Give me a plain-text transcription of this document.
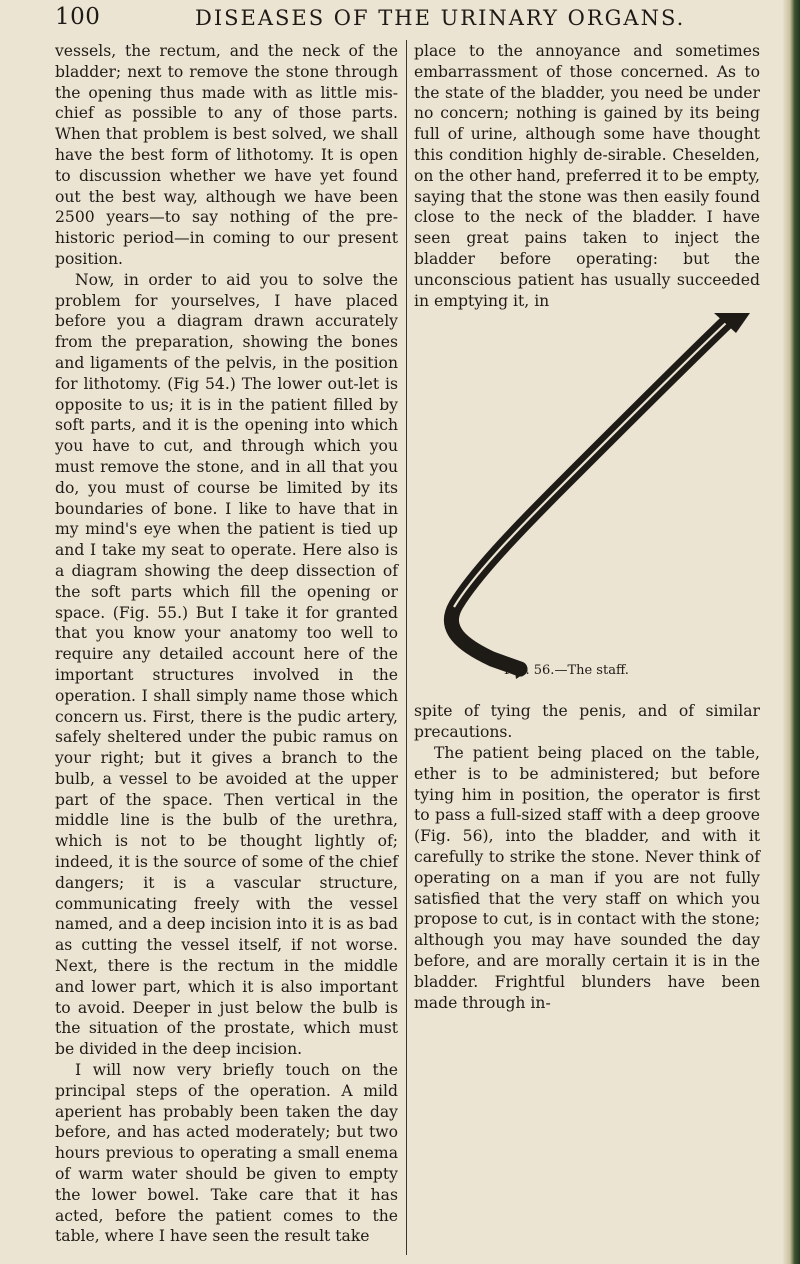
100	DISEASES OF THE URINARY ORGANS.

vessels, the rectum, and the neck of the bladder; next to remove the stone through the opening thus made with as little mis-chief as possible to any of those parts. When that problem is best solved, we shall have the best form of lithotomy. It is open to discussion whether we have yet found out the best way, although we have been 2500 years—to say nothing of the pre-historic period—in coming to our present position.

Now, in order to aid you to solve the problem for yourselves, I have placed before you a diagram drawn accurately from the preparation, showing the bones and ligaments of the pelvis, in the position for lithotomy. (Fig 54.) The lower out-let is opposite to us; it is in the patient filled by soft parts, and it is the opening into which you have to cut, and through which you must remove the stone, and in all that you do, you must of course be limited by its boundaries of bone. I like to have that in my mind's eye when the patient is tied up and I take my seat to operate. Here also is a diagram showing the deep dissection of the soft parts which fill the opening or space. (Fig. 55.) But I take it for granted that you know your anatomy too well to require any detailed account here of the important structures involved in the operation. I shall simply name those which concern us. First, there is the pudic artery, safely sheltered under the pubic ramus on your right; but it gives a branch to the bulb, a vessel to be avoided at the upper part of the space. Then vertical in the middle line is the bulb of the urethra, which is not to be thought lightly of; indeed, it is the source of some of the chief dangers; it is a vascular structure, communicating freely with the vessel named, and a deep incision into it is as bad as cutting the vessel itself, if not worse. Next, there is the rectum in the middle and lower part, which it is also important to avoid. Deeper in just below the bulb is the situation of the prostate, which must be divided in the deep incision.

I will now very briefly touch on the principal steps of the operation. A mild aperient has probably been taken the day before, and has acted moderately; but two hours previous to operating a small enema of warm water should be given to empty the lower bowel. Take care that it has acted, before the patient comes to the table, where I have seen the result take

place to the annoyance and sometimes embarrassment of those concerned. As to the state of the bladder, you need be under no concern; nothing is gained by its being full of urine, although some have thought this condition highly de-sirable. Cheselden, on the other hand, preferred it to be empty, saying that the stone was then easily found close to the neck of the bladder. I have seen great pains taken to inject the bladder before operating: but the unconscious patient has usually succeeded in emptying it, in

Fig. 56.—The staff.

spite of tying the penis, and of similar precautions.

The patient being placed on the table, ether is to be administered; but before tying him in position, the operator is first to pass a full-sized staff with a deep groove (Fig. 56), into the bladder, and with it carefully to strike the stone. Never think of operating on a man if you are not fully satisfied that the very staff on which you propose to cut, is in contact with the stone; although you may have sounded the day before, and are morally certain it is in the bladder. Frightful blunders have been made through in-
